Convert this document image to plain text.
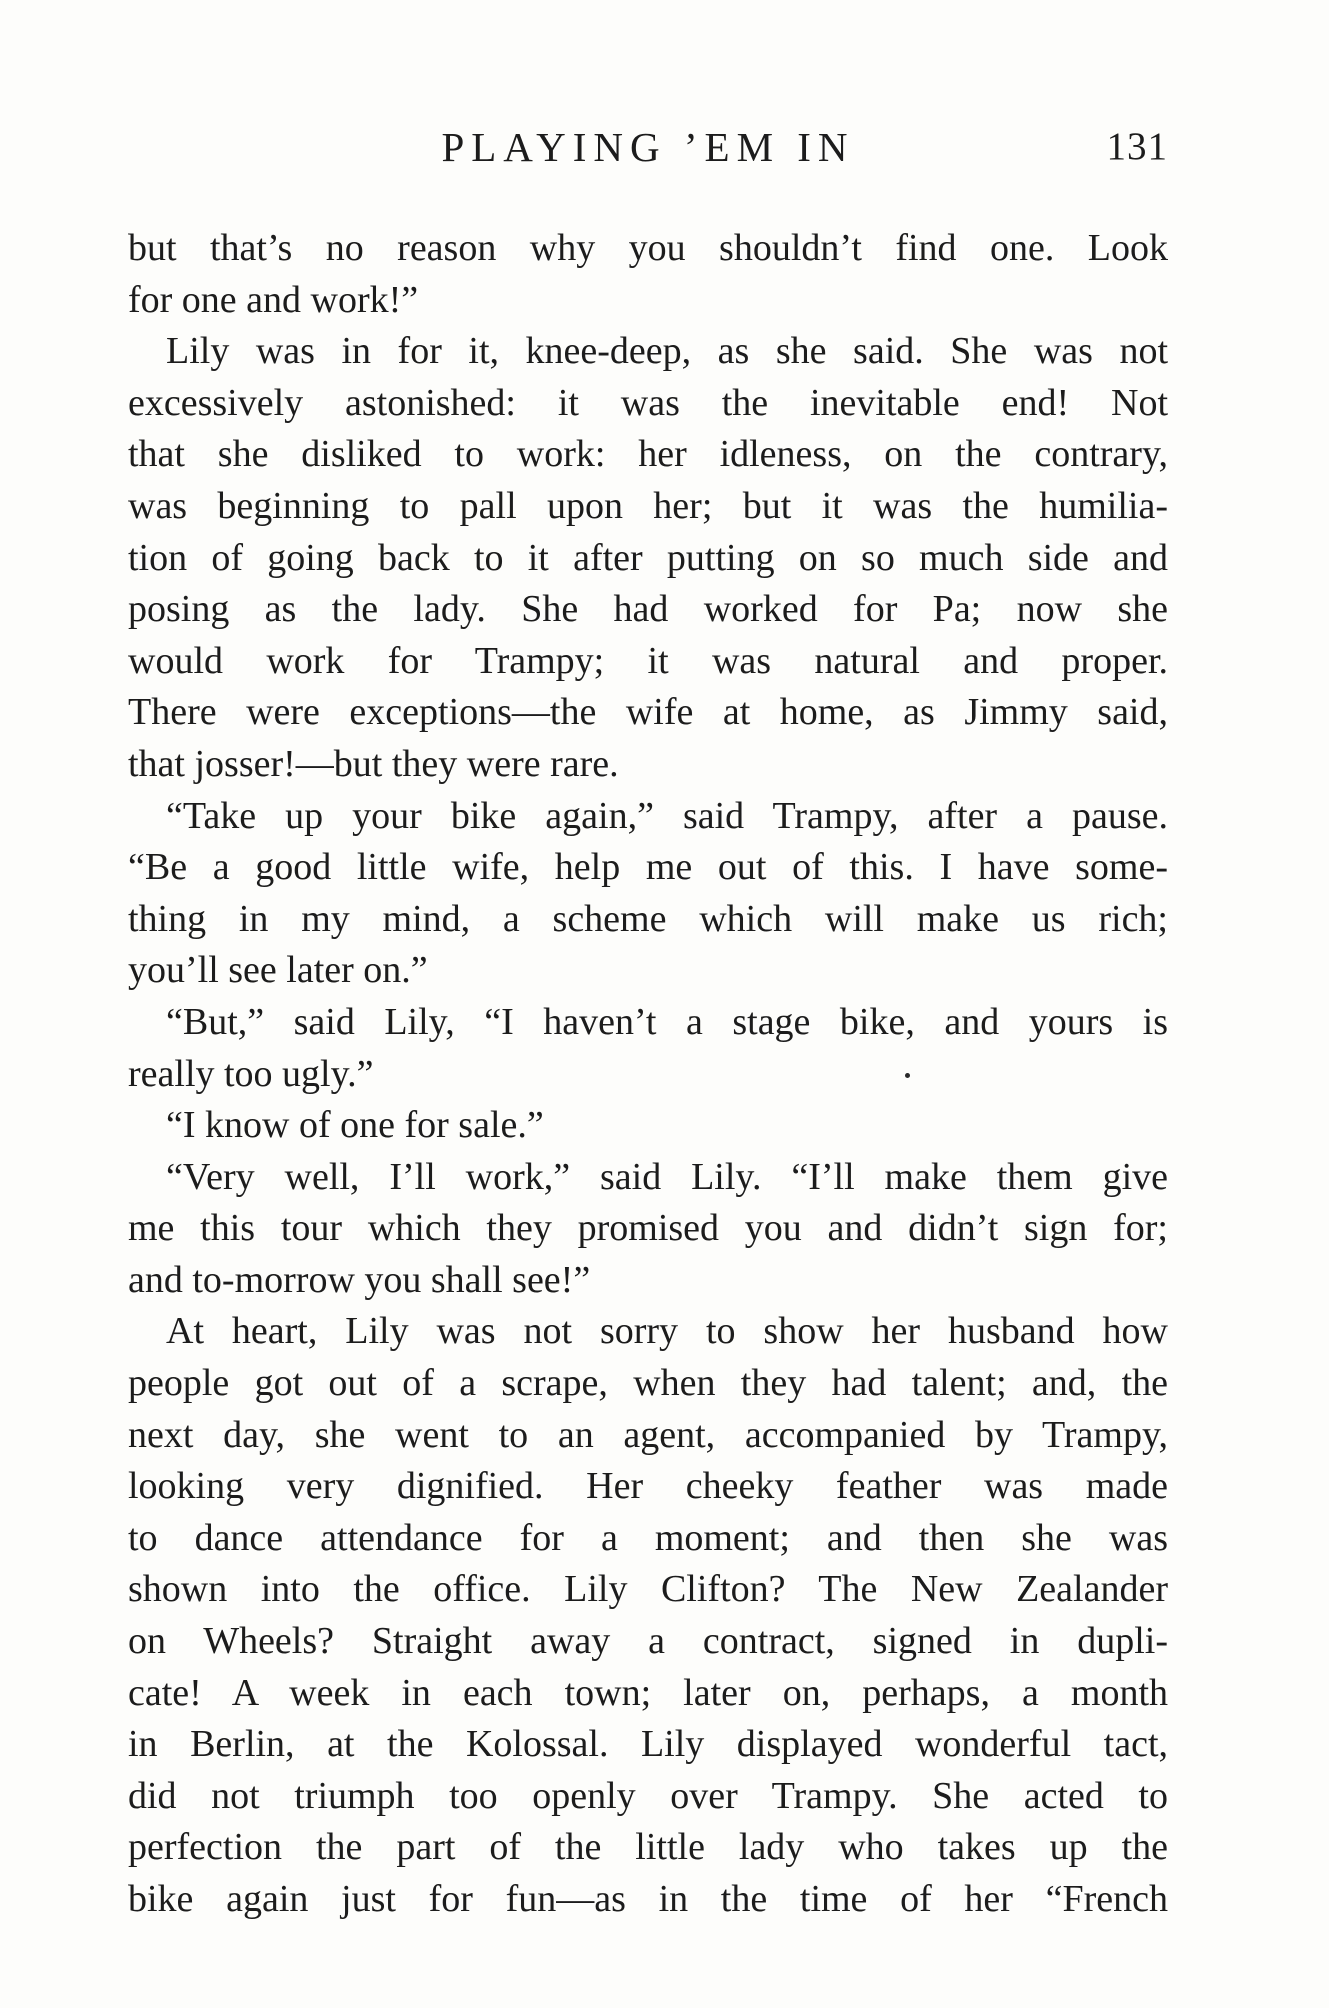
PLAYING ’EM IN	131
but that’s no reason why you shouldn’t find one. Look
for one and work!”
Lily was in for it, knee-deep, as she said. She was not
excessively astonished: it was the inevitable end! Not
that she disliked to work: her idleness, on the contrary,
was beginning to pall upon her; but it was the humilia-
tion of going back to it after putting on so much side and
posing as the lady. She had worked for Pa; now she
would work for Trampy; it was natural and proper.
There were exceptions—the wife at home, as Jimmy said,
that josser!—but they were rare.
“Take up your bike again,” said Trampy, after a pause.
“Be a good little wife, help me out of this. I have some-
thing in my mind, a scheme which will make us rich;
you’ll see later on.”
“But,” said Lily, “I haven’t a stage bike, and yours is
really too ugly.”
“I know of one for sale.”
“Very well, I’ll work,” said Lily. “I’ll make them give
me this tour which they promised you and didn’t sign for;
and to-morrow you shall see!”
At heart, Lily was not sorry to show her husband how
people got out of a scrape, when they had talent; and, the
next day, she went to an agent, accompanied by Trampy,
looking very dignified. Her cheeky feather was made
to dance attendance for a moment; and then she was
shown into the office. Lily Clifton? The New Zealander
on Wheels? Straight away a contract, signed in dupli-
cate! A week in each town; later on, perhaps, a month
in Berlin, at the Kolossal. Lily displayed wonderful tact,
did not triumph too openly over Trampy. She acted to
perfection the part of the little lady who takes up the
bike again just for fun—as in the time of her “French
